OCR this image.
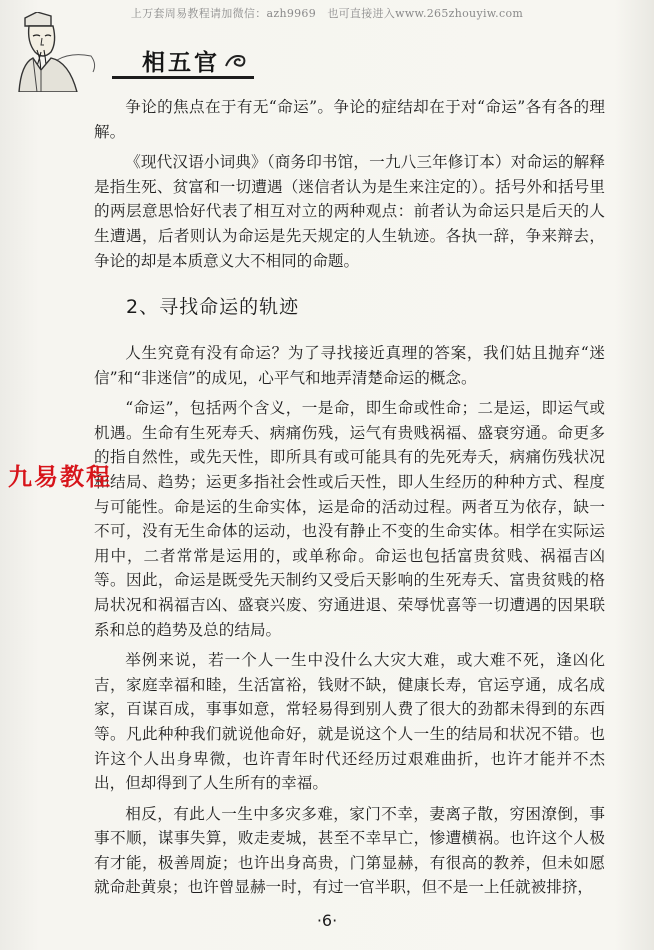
上万套周易教程请加微信：azh9969　也可直接进入www.265zhouyiw.com
相五官

争论的焦点在于有无“命运”。争论的症结却在于对“命运”各有各的理解。

《现代汉语小词典》（商务印书馆，一九八三年修订本）对命运的解释是指生死、贫富和一切遭遇（迷信者认为是生来注定的）。括号外和括号里的两层意思恰好代表了相互对立的两种观点：前者认为命运只是后天的人生遭遇，后者则认为命运是先天规定的人生轨迹。各执一辞，争来辩去，争论的却是本质意义大不相同的命题。

2、寻找命运的轨迹

人生究竟有没有命运？为了寻找接近真理的答案，我们姑且抛弃“迷信”和“非迷信”的成见，心平气和地弄清楚命运的概念。

“命运”，包括两个含义，一是命，即生命或性命；二是运，即运气或机遇。生命有生死寿夭、病痛伤残，运气有贵贱祸福、盛衰穷通。命更多的指自然性，或先天性，即所具有或可能具有的先死寿夭，病痛伤残状况和结局、趋势；运更多指社会性或后天性，即人生经历的种种方式、程度与可能性。命是运的生命实体，运是命的活动过程。两者互为依存，缺一不可，没有无生命体的运动，也没有静止不变的生命实体。相学在实际运用中，二者常常是运用的，或单称命。命运也包括富贵贫贱、祸福吉凶等。因此，命运是既受先天制约又受后天影响的生死寿夭、富贵贫贱的格局状况和祸福吉凶、盛衰兴废、穷通进退、荣辱忧喜等一切遭遇的因果联系和总的趋势及总的结局。

举例来说，若一个人一生中没什么大灾大难，或大难不死，逢凶化吉，家庭幸福和睦，生活富裕，钱财不缺，健康长寿，官运亨通，成名成家，百谋百成，事事如意，常轻易得到别人费了很大的劲都未得到的东西等。凡此种种我们就说他命好，就是说这个人一生的结局和状况不错。也许这个人出身卑微，也许青年时代还经历过艰难曲折，也许才能并不杰出，但却得到了人生所有的幸福。

相反，有此人一生中多灾多难，家门不幸，妻离子散，穷困潦倒，事事不顺，谋事失算，败走麦城，甚至不幸早亡，惨遭横祸。也许这个人极有才能，极善周旋；也许出身高贵，门第显赫，有很高的教养，但未如愿就命赴黄泉；也许曾显赫一时，有过一官半职，但不是一上任就被排挤，

九易教程
·6·
